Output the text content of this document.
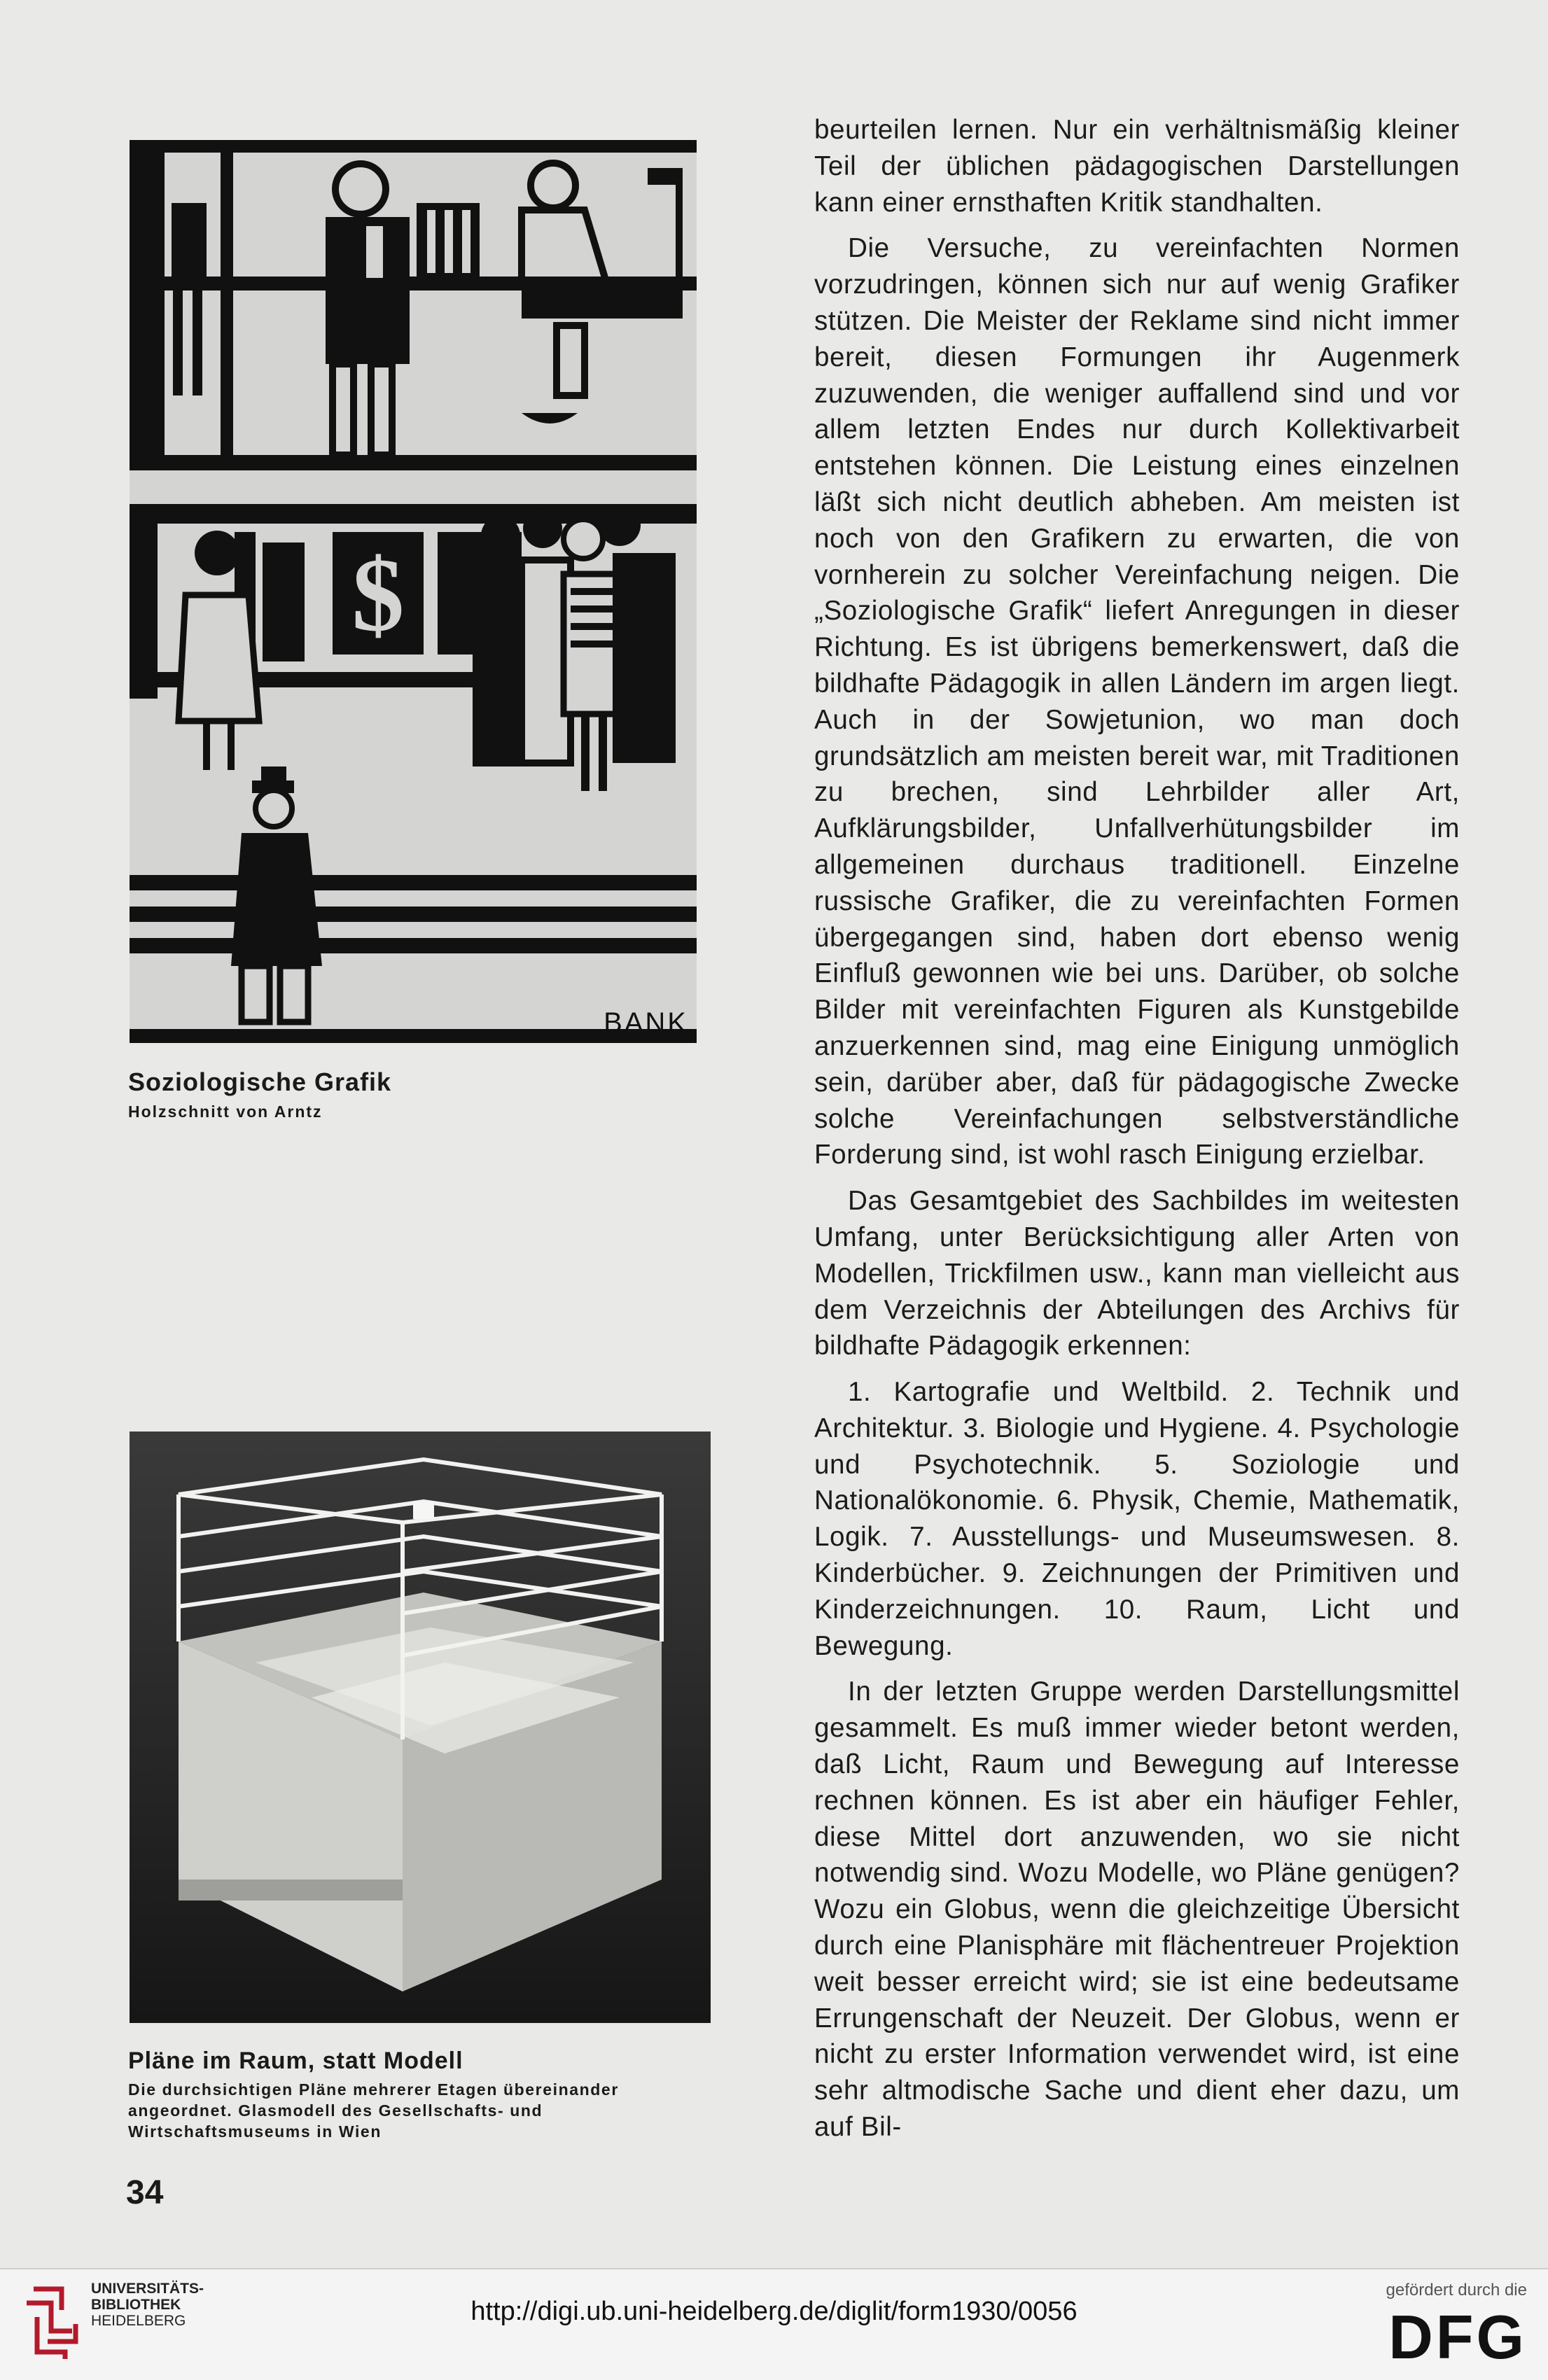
$
BANK

Soziologische Grafik

Holzschnitt von Arntz

Pläne im Raum, statt Modell

Die durchsichtigen Pläne mehrerer Etagen übereinander angeordnet. Glasmodell des Gesellschafts- und Wirtschaftsmuseums in Wien

34

beurteilen lernen. Nur ein verhältnismäßig kleiner Teil der üblichen pädagogischen Darstellungen kann einer ernsthaften Kritik standhalten.

Die Versuche, zu vereinfachten Normen vorzudringen, können sich nur auf wenig Grafiker stützen. Die Meister der Reklame sind nicht immer bereit, diesen Formungen ihr Augenmerk zuzuwenden, die weniger auffallend sind und vor allem letzten Endes nur durch Kollektivarbeit entstehen können. Die Leistung eines einzelnen läßt sich nicht deutlich abheben. Am meisten ist noch von den Grafikern zu erwarten, die von vornherein zu solcher Vereinfachung neigen. Die „Soziologische Grafik“ liefert Anregungen in dieser Richtung. Es ist übrigens bemerkenswert, daß die bildhafte Pädagogik in allen Ländern im argen liegt. Auch in der Sowjetunion, wo man doch grundsätzlich am meisten bereit war, mit Traditionen zu brechen, sind Lehrbilder aller Art, Aufklärungsbilder, Unfallverhütungsbilder im allgemeinen durchaus traditionell. Einzelne russische Grafiker, die zu vereinfachten Formen übergegangen sind, haben dort ebenso wenig Einfluß gewonnen wie bei uns. Darüber, ob solche Bilder mit vereinfachten Figuren als Kunstgebilde anzuerkennen sind, mag eine Einigung unmöglich sein, darüber aber, daß für pädagogische Zwecke solche Vereinfachungen selbstverständliche Forderung sind, ist wohl rasch Einigung erzielbar.

Das Gesamtgebiet des Sachbildes im weitesten Umfang, unter Berücksichtigung aller Arten von Modellen, Trickfilmen usw., kann man vielleicht aus dem Verzeichnis der Abteilungen des Archivs für bildhafte Pädagogik erkennen:

1. Kartografie und Weltbild. 2. Technik und Architektur. 3. Biologie und Hygiene. 4. Psychologie und Psychotechnik. 5. Soziologie und Nationalökonomie. 6. Physik, Chemie, Mathematik, Logik. 7. Ausstellungs- und Museumswesen. 8. Kinderbücher. 9. Zeichnungen der Primitiven und Kinderzeichnungen. 10. Raum, Licht und Bewegung.

In der letzten Gruppe werden Darstellungsmittel gesammelt. Es muß immer wieder betont werden, daß Licht, Raum und Bewegung auf Interesse rechnen können. Es ist aber ein häufiger Fehler, diese Mittel dort anzuwenden, wo sie nicht notwendig sind. Wozu Modelle, wo Pläne genügen? Wozu ein Globus, wenn die gleichzeitige Übersicht durch eine Planisphäre mit flächentreuer Projektion weit besser erreicht wird; sie ist eine bedeutsame Errungenschaft der Neuzeit. Der Globus, wenn er nicht zu erster Information verwendet wird, ist eine sehr altmodische Sache und dient eher dazu, um auf Bil-

UNIVERSITÄTS-
BIBLIOTHEK
HEIDELBERG	http://digi.ub.uni-heidelberg.de/diglit/form1930/0056

gefördert durch die

DFG
